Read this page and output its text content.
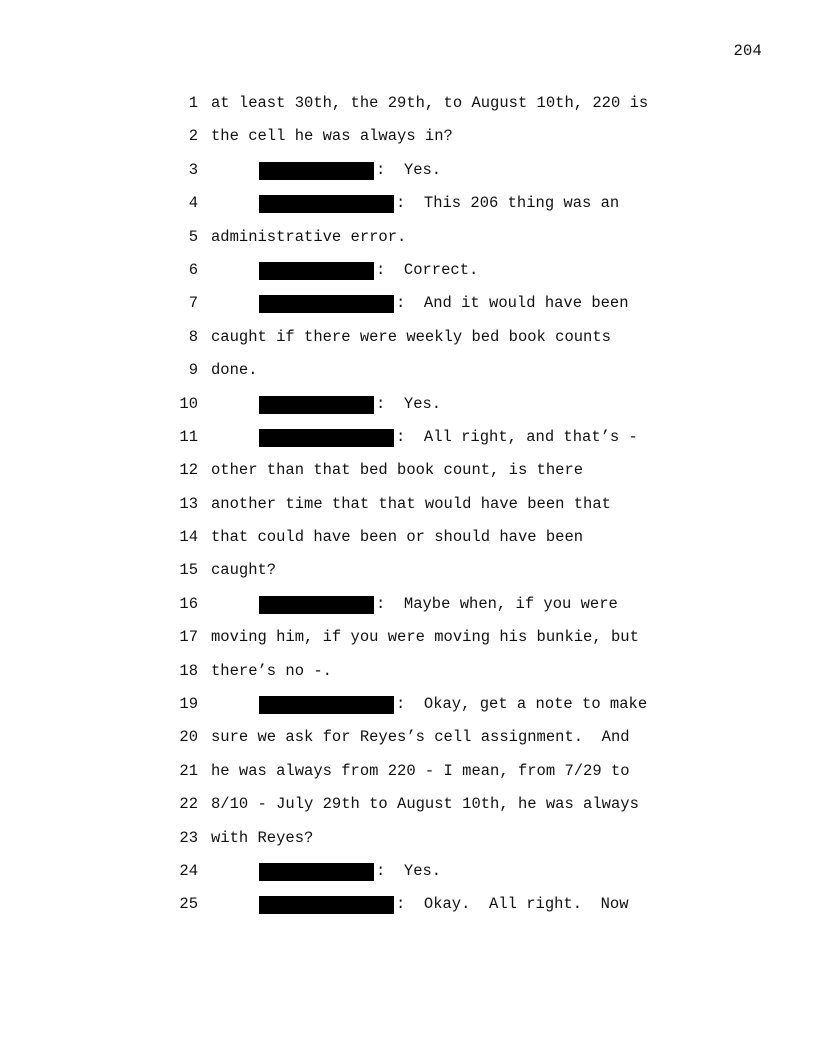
204
1 at least 30th, the 29th, to August 10th, 220 is
2 the cell he was always in?
3	:  Yes.
4	:  This 206 thing was an
5 administrative error.
6	:  Correct.
7	:  And it would have been
8 caught if there were weekly bed book counts
9 done.
10	:  Yes.
11	:  All right, and that’s -
12 other than that bed book count, is there
13 another time that that would have been that
14 that could have been or should have been
15 caught?
16	:  Maybe when, if you were
17 moving him, if you were moving his bunkie, but
18 there’s no -.
19	:  Okay, get a note to make
20 sure we ask for Reyes’s cell assignment.  And
21 he was always from 220 - I mean, from 7/29 to
22 8/10 - July 29th to August 10th, he was always
23 with Reyes?
24	:  Yes.
25	:  Okay.  All right.  Now
